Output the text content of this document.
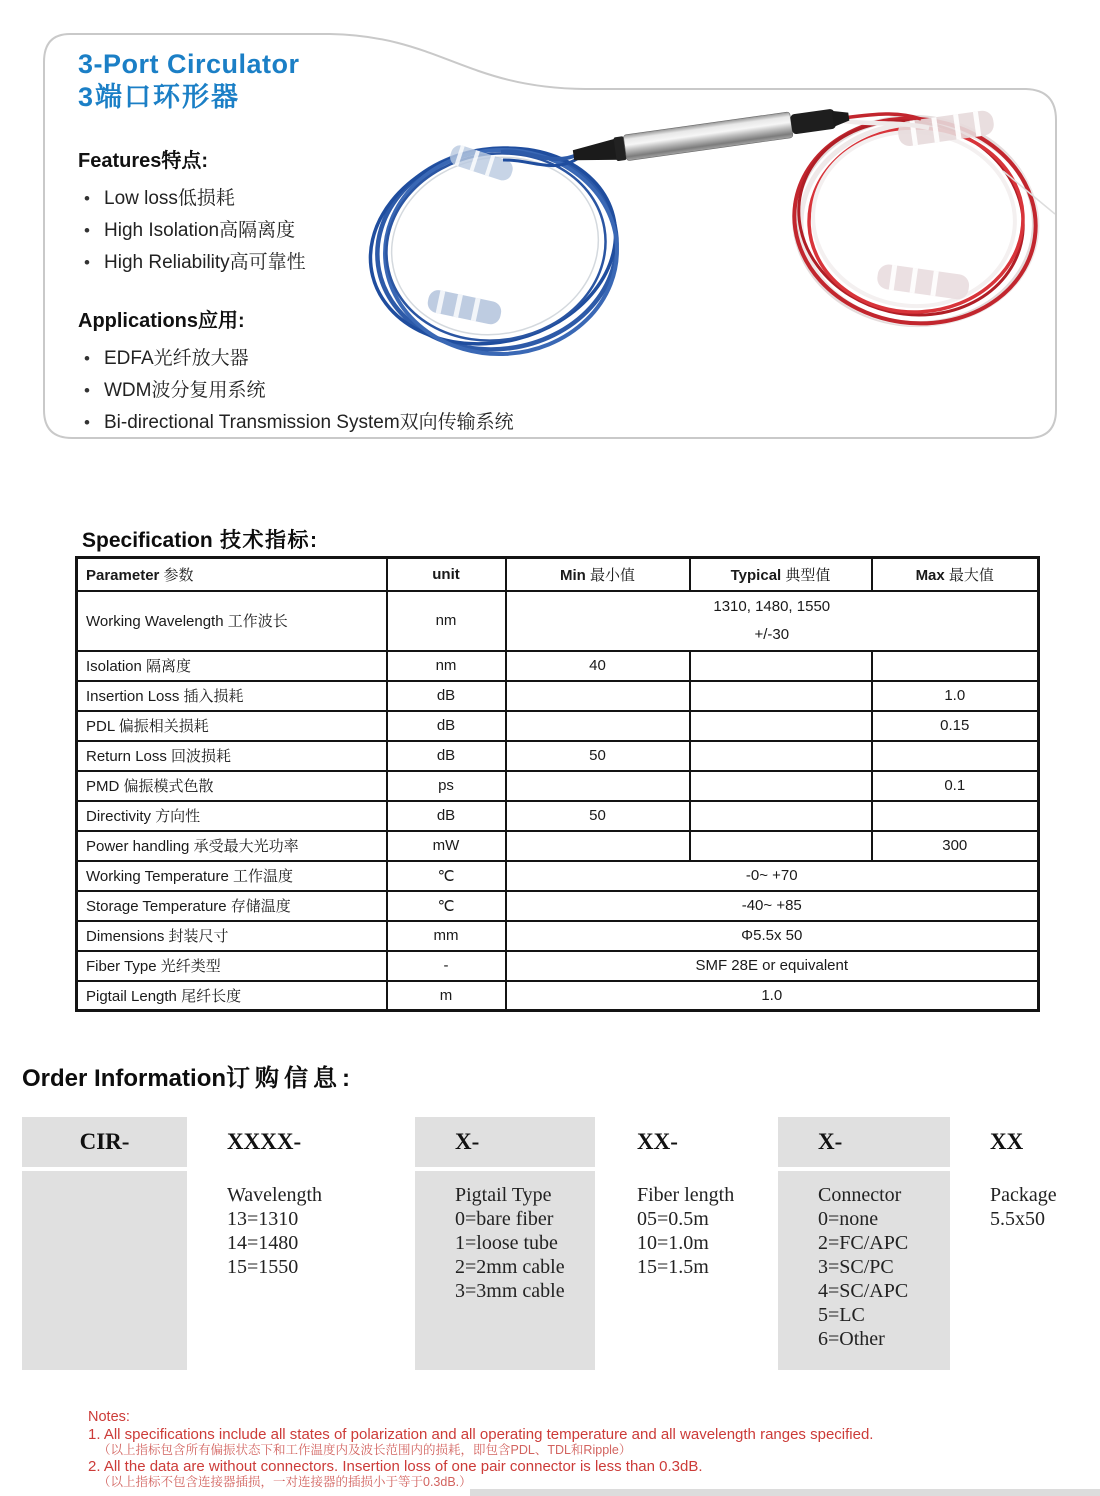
3-Port Circulator
3端口环形器
Features特点:
• Low loss低损耗
• High Isolation高隔离度
• High Reliability高可靠性
Applications应用:
• EDFA光纤放大器
• WDM波分复用系统
• Bi-directional Transmission System双向传输系统
Specification 技术指标:
Parameter 参数	unit	Min 最小值	Typical 典型值	Max 最大值
Working Wavelength 工作波长	nm	1310, 1480, 1550
+/-30		

Isolation 隔离度	nm	40		
Insertion Loss 插入损耗	dB			1.0
PDL 偏振相关损耗	dB			0.15
Return Loss 回波损耗	dB	50		
PMD 偏振模式色散	ps			0.1
Directivity 方向性	dB	50		
Power handling 承受最大光功率	mW			300
Working Temperature 工作温度	℃	-0~ +70		
Storage Temperature 存储温度	℃	-40~ +85		
Dimensions 封装尺寸	mm	Φ5.5x 50		
Fiber Type 光纤类型	-	SMF 28E or equivalent		
Pigtail Length 尾纤长度	m	1.0		
Order Information订购信息:
CIR-	XXXX-
Wavelength
13=1310
14=1480
15=1550
X-
Pigtail Type
0=bare fiber
1=loose tube
2=2mm cable
3=3mm cable
XX-
Fiber length
05=0.5m
10=1.0m
15=1.5m
X-
Connector
0=none
2=FC/APC
3=SC/PC
4=SC/APC
5=LC
6=Other
XX
Package
5.5x50
Notes:
1. All specifications include all states of polarization and all operating temperature and all wavelength ranges specified.
（以上指标包含所有偏振状态下和工作温度内及波长范围内的损耗，即包含PDL、TDL和Ripple）
2. All the data are without connectors. Insertion loss of one pair connector is less than 0.3dB.
（以上指标不包含连接器插损，一对连接器的插损小于等于0.3dB.）
